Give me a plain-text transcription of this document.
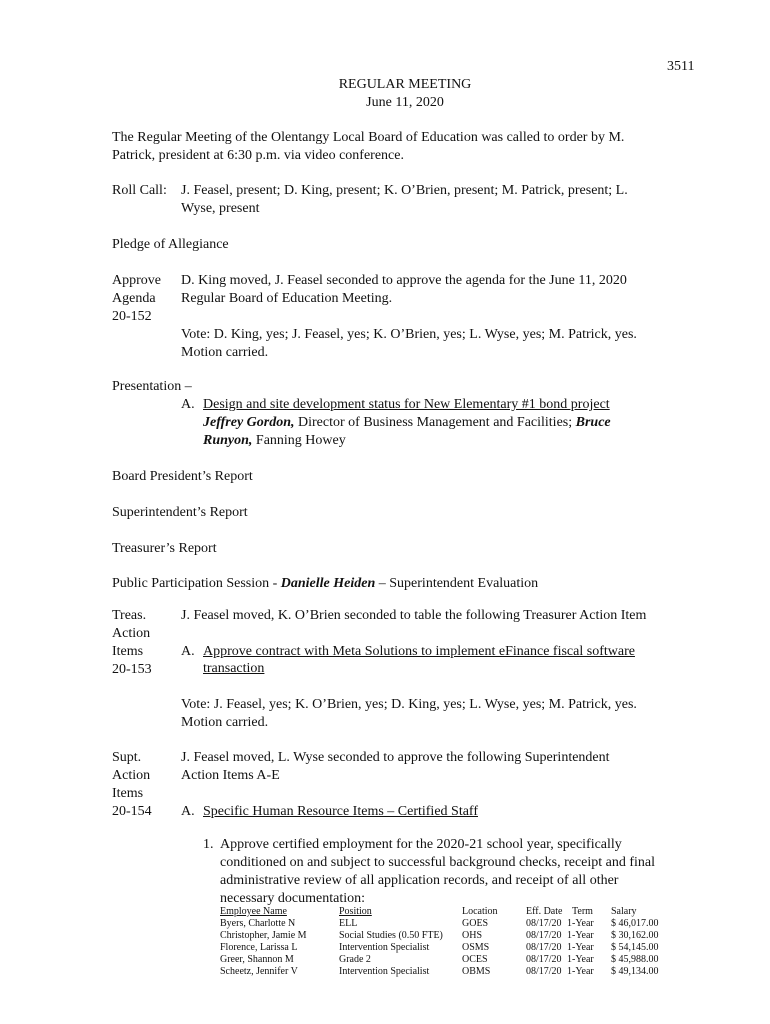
3511
REGULAR MEETING
June 11, 2020
The Regular Meeting of the Olentangy Local Board of Education was called to order by M.
Patrick, president at 6:30 p.m. via video conference.
Roll Call: J. Feasel, present; D. King, present; K. O’Brien, present; M. Patrick, present; L.
Wyse, present
Pledge of Allegiance
Approve
Agenda
20-152
D. King moved, J. Feasel seconded to approve the agenda for the June 11, 2020
Regular Board of Education Meeting.
Vote: D. King, yes; J. Feasel, yes; K. O’Brien, yes; L. Wyse, yes; M. Patrick, yes.
Motion carried.
Presentation –
A. Design and site development status for New Elementary #1 bond project
Jeffrey Gordon, Director of Business Management and Facilities; Bruce
Runyon, Fanning Howey
Board President’s Report
Superintendent’s Report
Treasurer’s Report
Public Participation Session - Danielle Heiden – Superintendent Evaluation
Treas.
Action
Items
20-153
J. Feasel moved, K. O’Brien seconded to table the following Treasurer Action Item
A. Approve contract with Meta Solutions to implement eFinance fiscal software
transaction
Vote: J. Feasel, yes; K. O’Brien, yes; D. King, yes; L. Wyse, yes; M. Patrick, yes.
Motion carried.
Supt.
Action
Items
20-154
J. Feasel moved, L. Wyse seconded to approve the following Superintendent
Action Items A-E
A. Specific Human Resource Items – Certified Staff
1. Approve certified employment for the 2020-21 school year, specifically
conditioned on and subject to successful background checks, receipt and final
administrative review of all application records, and receipt of all other
necessary documentation:
Employee Name	Position	Location	Eff. Date Term Salary
Byers, Charlotte N	ELL	GOES	08/17/20 1-Year $ 46,017.00
Christopher, Jamie M	Social Studies (0.50 FTE) OHS	08/17/20 1-Year $ 30,162.00
Florence, Larissa L	Intervention Specialist	OSMS	08/17/20 1-Year $ 54,145.00
Greer, Shannon M	Grade 2	OCES	08/17/20 1-Year $ 45,988.00
Scheetz, Jennifer V	Intervention Specialist	OBMS	08/17/20 1-Year $ 49,134.00
